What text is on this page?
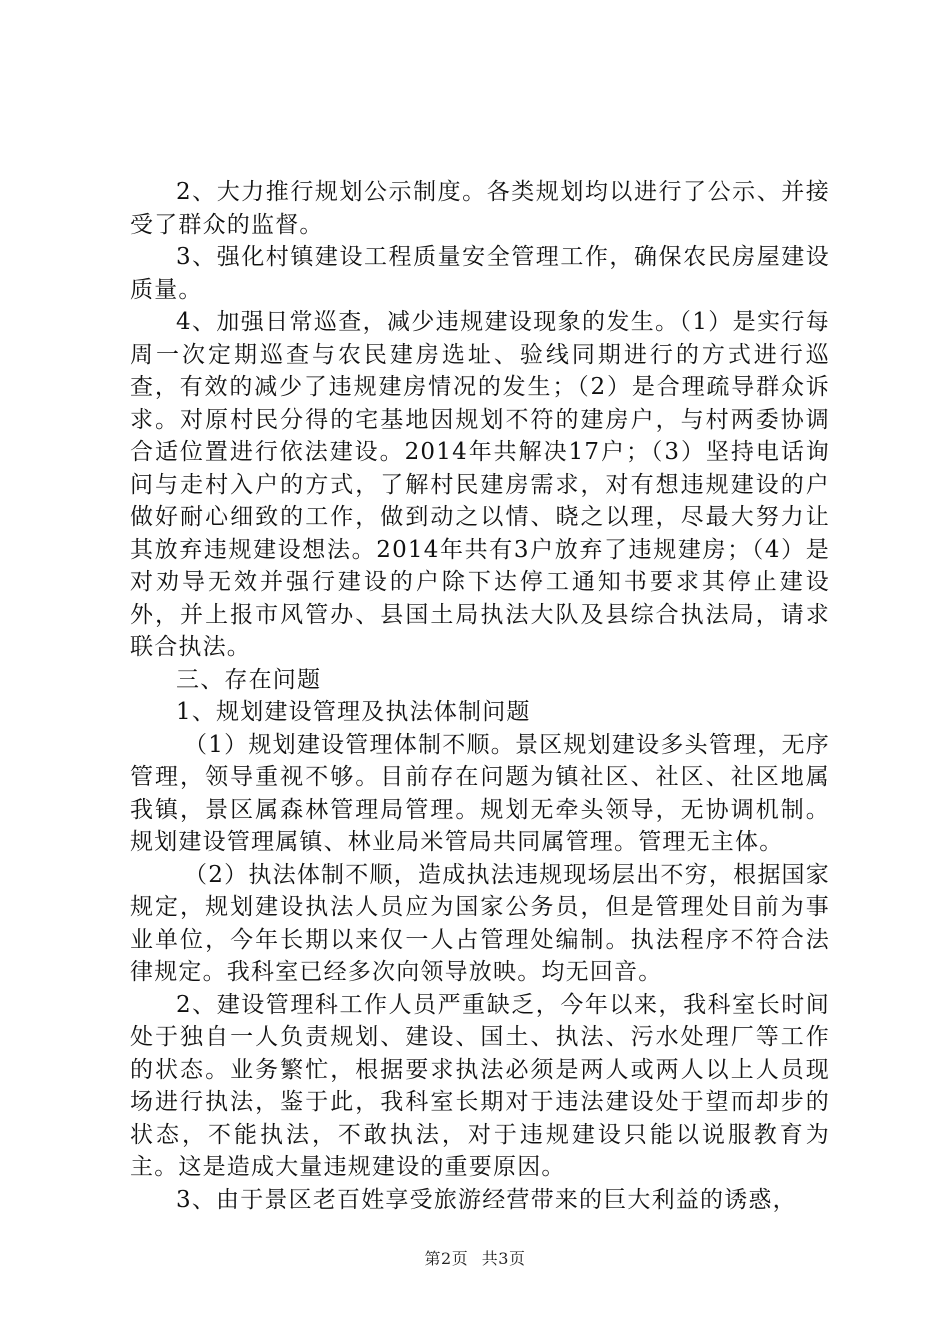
2、大力推行规划公示制度。各类规划均以进行了公示、并接受了群众的监督。

3、强化村镇建设工程质量安全管理工作，确保农民房屋建设质量。

4、加强日常巡查，减少违规建设现象的发生。（1）是实行每周一次定期巡查与农民建房选址、验线同期进行的方式进行巡查，有效的减少了违规建房情况的发生；（2）是合理疏导群众诉求。对原村民分得的宅基地因规划不符的建房户，与村两委协调合适位置进行依法建设。2014年共解决17户；（3）坚持电话询问与走村入户的方式，了解村民建房需求，对有想违规建设的户做好耐心细致的工作，做到动之以情、晓之以理，尽最大努力让其放弃违规建设想法。2014年共有3户放弃了违规建房；（4）是对劝导无效并强行建设的户除下达停工通知书要求其停止建设外，并上报市风管办、县国土局执法大队及县综合执法局，请求联合执法。

三、存在问题

1、规划建设管理及执法体制问题

（1）规划建设管理体制不顺。景区规划建设多头管理，无序管理，领导重视不够。目前存在问题为镇社区、社区、社区地属我镇，景区属森林管理局管理。规划无牵头领导，无协调机制。规划建设管理属镇、林业局米管局共同属管理。管理无主体。

（2）执法体制不顺，造成执法违规现场层出不穷，根据国家规定，规划建设执法人员应为国家公务员，但是管理处目前为事业单位，今年长期以来仅一人占管理处编制。执法程序不符合法律规定。我科室已经多次向领导放映。均无回音。

2、建设管理科工作人员严重缺乏，今年以来，我科室长时间处于独自一人负责规划、建设、国土、执法、污水处理厂等工作的状态。业务繁忙，根据要求执法必须是两人或两人以上人员现场进行执法，鉴于此，我科室长期对于违法建设处于望而却步的状态，不能执法，不敢执法，对于违规建设只能以说服教育为主。这是造成大量违规建设的重要原因。

3、由于景区老百姓享受旅游经营带来的巨大利益的诱惑，

第2页 共3页
